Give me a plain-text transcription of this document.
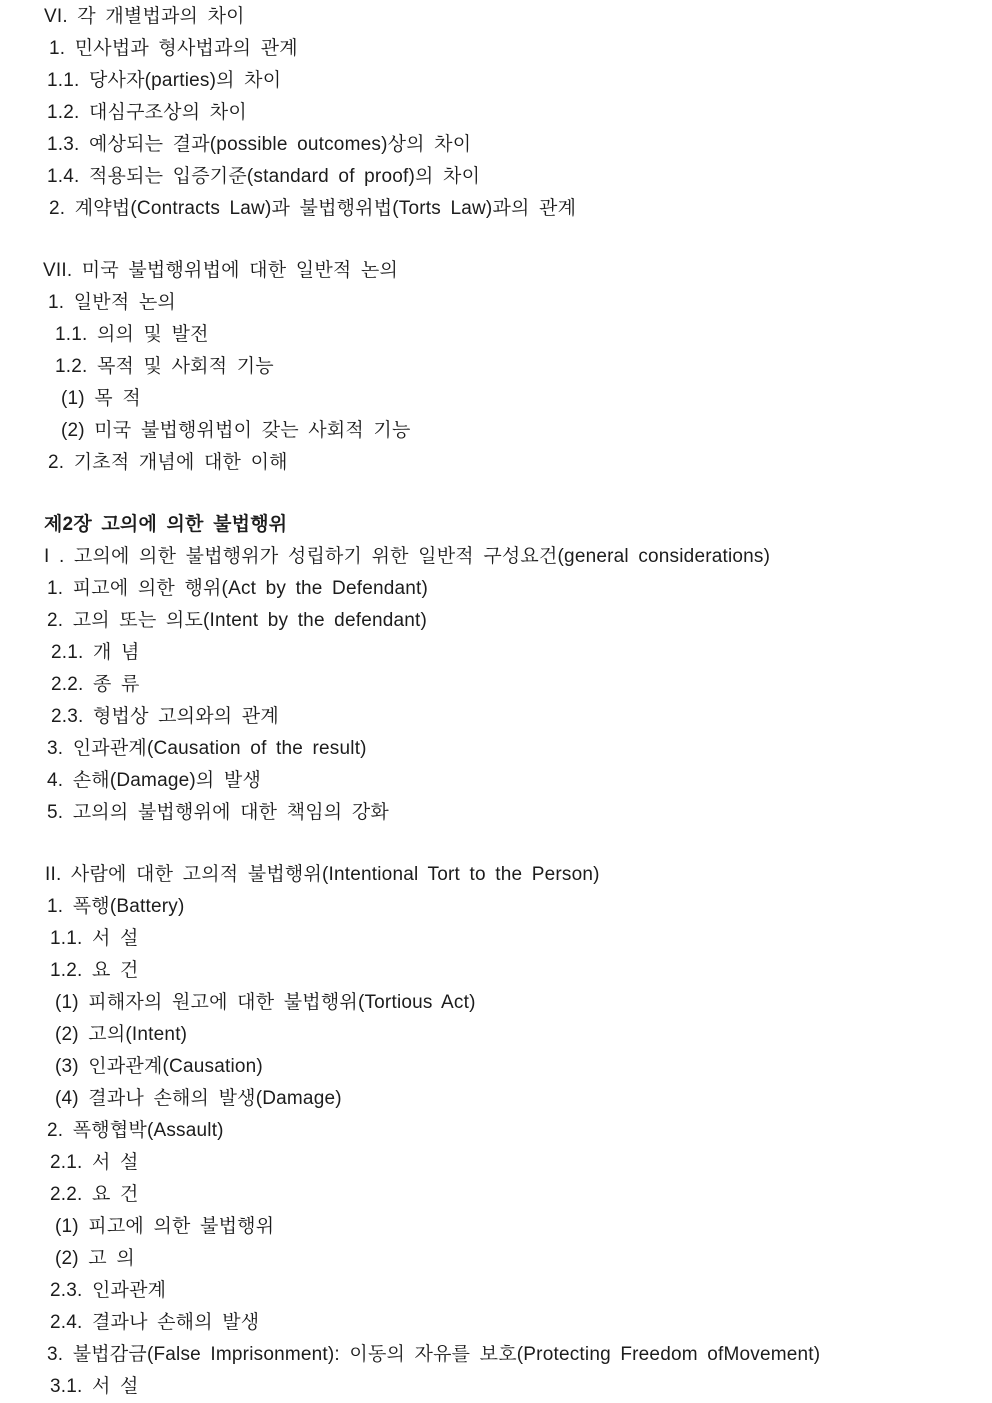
VI. 각 개별법과의 차이
1. 민사법과 형사법과의 관계
1.1. 당사자(parties)의 차이
1.2. 대심구조상의 차이
1.3. 예상되는 결과(possible outcomes)상의 차이
1.4. 적용되는 입증기준(standard of proof)의 차이
2. 계약법(Contracts Law)과 불법행위법(Torts Law)과의 관계
VII. 미국 불법행위법에 대한 일반적 논의
1. 일반적 논의
1.1. 의의 및 발전
1.2. 목적 및 사회적 기능
(1) 목 적
(2) 미국 불법행위법이 갖는 사회적 기능
2. 기초적 개념에 대한 이해
제2장 고의에 의한 불법행위
I . 고의에 의한 불법행위가 성립하기 위한 일반적 구성요건(general considerations)
1. 피고에 의한 행위(Act by the Defendant)
2. 고의 또는 의도(Intent by the defendant)
2.1. 개 념
2.2. 종 류
2.3. 형법상 고의와의 관계
3. 인과관계(Causation of the result)
4. 손해(Damage)의 발생
5. 고의의 불법행위에 대한 책임의 강화
II. 사람에 대한 고의적 불법행위(Intentional Tort to the Person)
1. 폭행(Battery)
1.1. 서 설
1.2. 요 건
(1) 피해자의 원고에 대한 불법행위(Tortious Act)
(2) 고의(Intent)
(3) 인과관계(Causation)
(4) 결과나 손해의 발생(Damage)
2. 폭행협박(Assault)
2.1. 서 설
2.2. 요 건
(1) 피고에 의한 불법행위
(2) 고 의
2.3. 인과관계
2.4. 결과나 손해의 발생
3. 불법감금(False Imprisonment): 이동의 자유를 보호(Protecting Freedom ofMovement)
3.1. 서 설
